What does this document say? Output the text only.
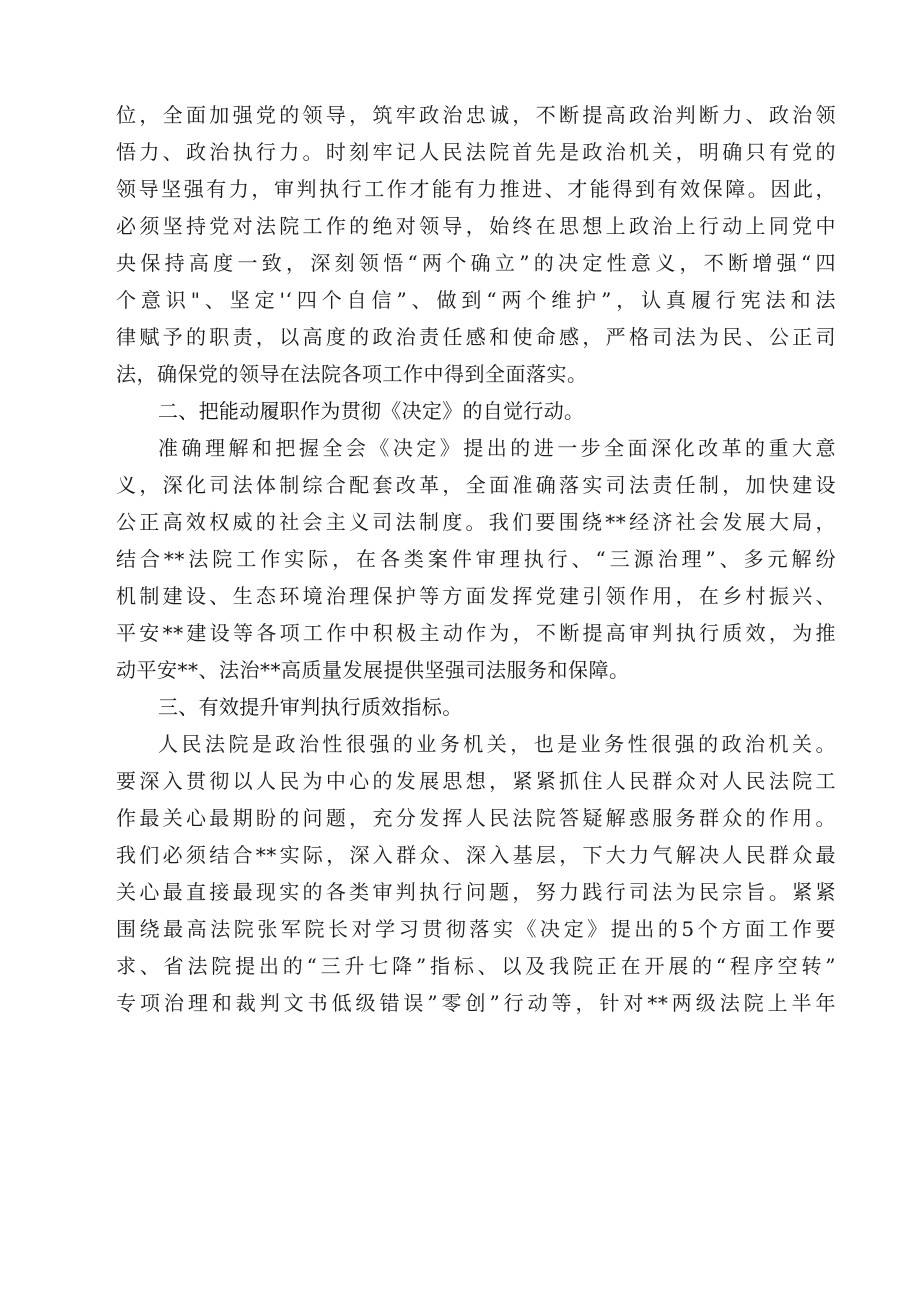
位，全面加强党的领导，筑牢政治忠诚，不断提高政治判断力、政治领
悟力、政治执行力。时刻牢记人民法院首先是政治机关，明确只有党的
领导坚强有力，审判执行工作才能有力推进、才能得到有效保障。因此，
必须坚持党对法院工作的绝对领导，始终在思想上政治上行动上同党中
央保持高度一致，深刻领悟“两个确立”的决定性意义，不断增强“四
个意识"、坚定'‘四个自信”、做到“两个维护”，认真履行宪法和法
律赋予的职责，以高度的政治责任感和使命感，严格司法为民、公正司
法，确保党的领导在法院各项工作中得到全面落实。
二、把能动履职作为贯彻《决定》的自觉行动。
准确理解和把握全会《决定》提出的进一步全面深化改革的重大意
义，深化司法体制综合配套改革，全面准确落实司法责任制，加快建设
公正高效权威的社会主义司法制度。我们要围绕**经济社会发展大局，
结合**法院工作实际，在各类案件审理执行、“三源治理”、多元解纷
机制建设、生态环境治理保护等方面发挥党建引领作用，在乡村振兴、
平安**建设等各项工作中积极主动作为，不断提高审判执行质效，为推
动平安**、法治**高质量发展提供坚强司法服务和保障。
三、有效提升审判执行质效指标。
人民法院是政治性很强的业务机关，也是业务性很强的政治机关。
要深入贯彻以人民为中心的发展思想，紧紧抓住人民群众对人民法院工
作最关心最期盼的问题，充分发挥人民法院答疑解惑服务群众的作用。
我们必须结合**实际，深入群众、深入基层，下大力气解决人民群众最
关心最直接最现实的各类审判执行问题，努力践行司法为民宗旨。紧紧
围绕最高法院张军院长对学习贯彻落实《决定》提出的5个方面工作要
求、省法院提出的“三升七降”指标、以及我院正在开展的“程序空转”
专项治理和裁判文书低级错误”零创”行动等，针对**两级法院上半年
